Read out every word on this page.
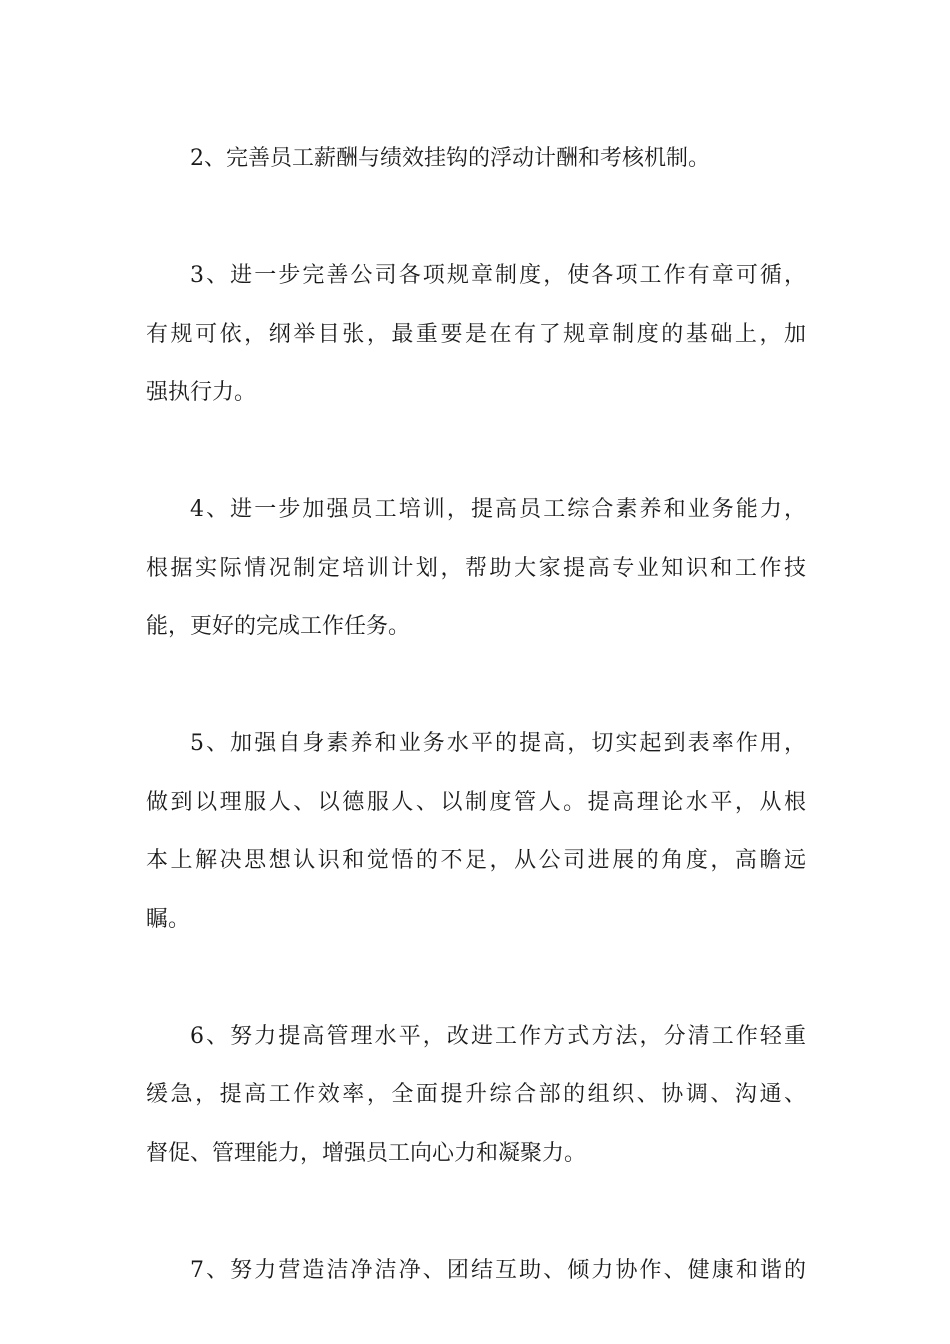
2、完善员工薪酬与绩效挂钩的浮动计酬和考核机制。
3、进一步完善公司各项规章制度，使各项工作有章可循，
有规可依，纲举目张，最重要是在有了规章制度的基础上，加
强执行力。
4、进一步加强员工培训，提高员工综合素养和业务能力，
根据实际情况制定培训计划，帮助大家提高专业知识和工作技
能，更好的完成工作任务。
5、加强自身素养和业务水平的提高，切实起到表率作用，
做到以理服人、以德服人、以制度管人。提高理论水平，从根
本上解决思想认识和觉悟的不足，从公司进展的角度，高瞻远
瞩。
6、努力提高管理水平，改进工作方式方法，分清工作轻重
缓急，提高工作效率，全面提升综合部的组织、协调、沟通、
督促、管理能力，增强员工向心力和凝聚力。
7、努力营造洁净洁净、团结互助、倾力协作、健康和谐的
